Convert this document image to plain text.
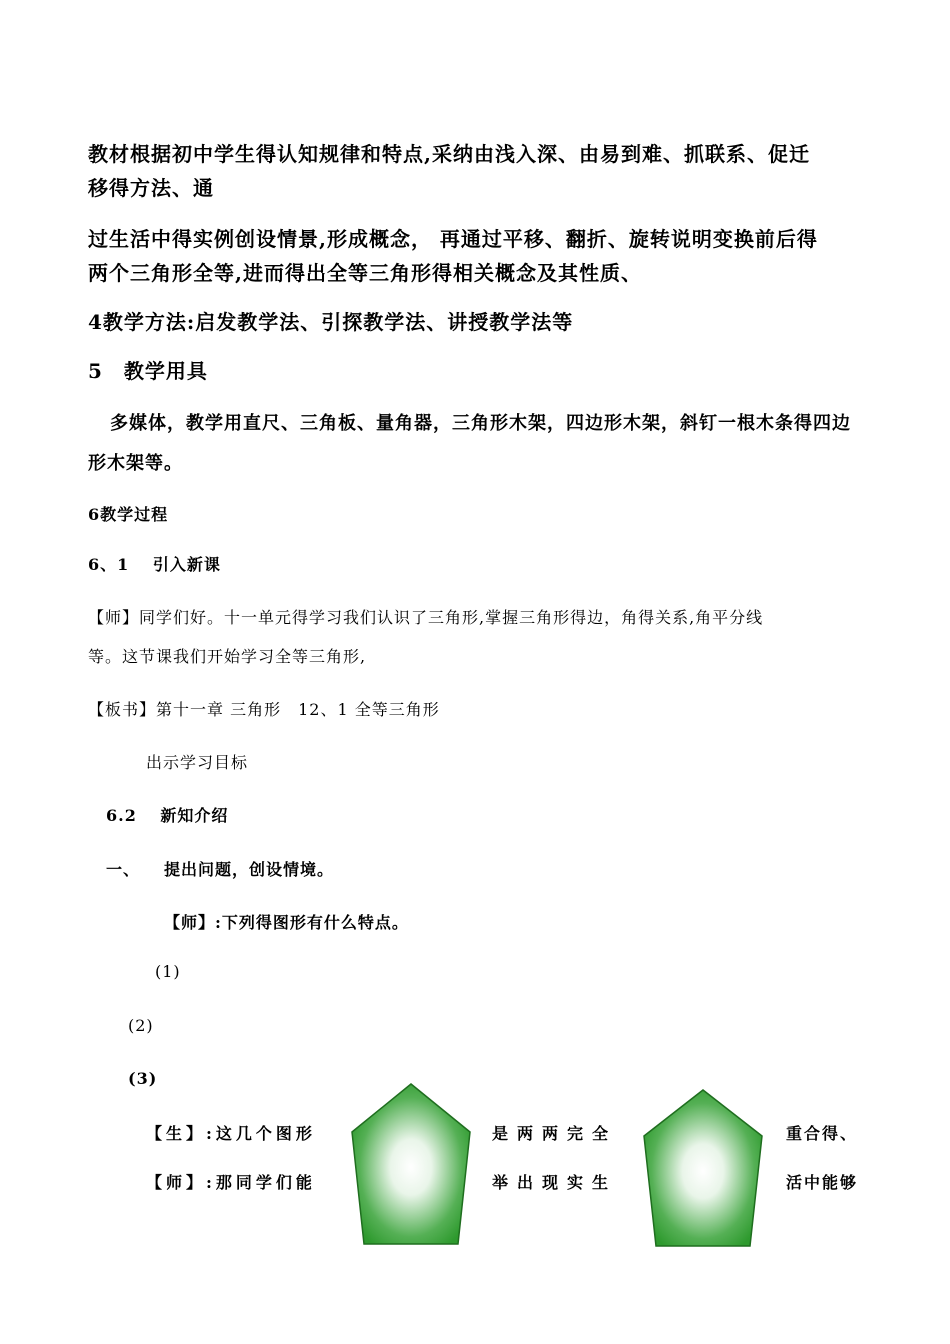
教材根据初中学生得认知规律和特点,采纳由浅入深、由易到难、抓联系、促迁

移得方法、通

过生活中得实例创设情景,形成概念， 再通过平移、翻折、旋转说明变换前后得

两个三角形全等,进而得出全等三角形得相关概念及其性质、

4教学方法:启发教学法、引探教学法、讲授教学法等

5　教学用具

多媒体，教学用直尺、三角板、量角器，三角形木架，四边形木架，斜钉一根木条得四边

形木架等。

6教学过程

6、1　 引入新课

【师】同学们好。十一单元得学习我们认识了三角形,掌握三角形得边，角得关系,角平分线

等。这节课我们开始学习全等三角形,

【板书】第十一章 三角形　12、1 全等三角形

出示学习目标

6.2　 新知介绍

一、 提出问题，创设情境。

【师】:下列得图形有什么特点。

(1)

(2)

(3)

【生】:这几个图形	是两两完全	重合得、

【师】:那同学们能	举出现实生	活中能够
